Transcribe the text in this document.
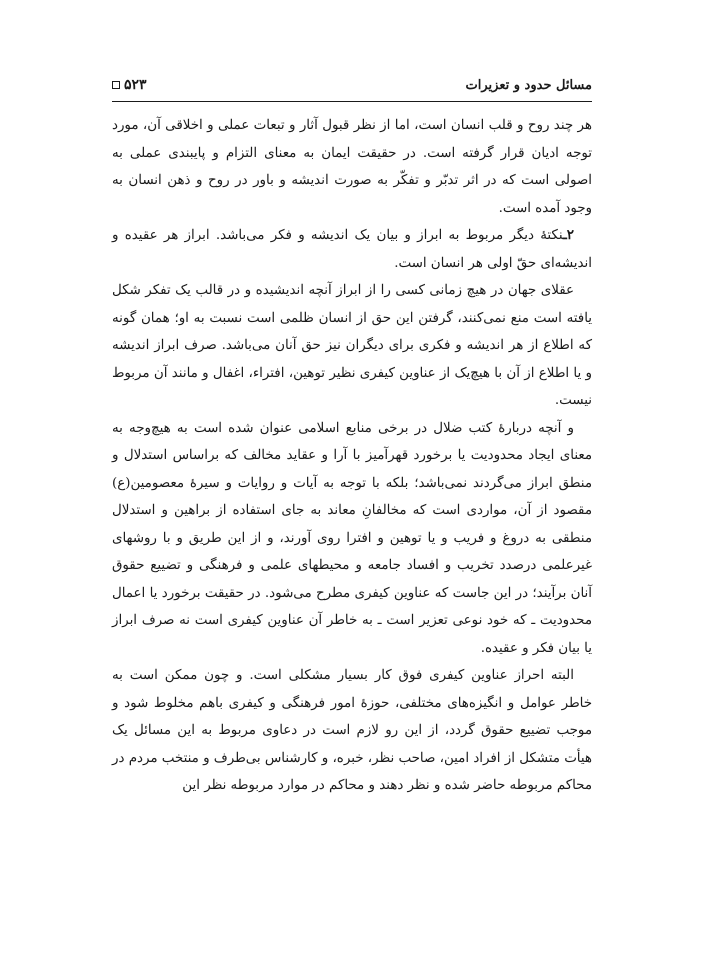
مسائل حدود و تعزیرات
۵۲۳

هر چند روح و قلب انسان است، اما از نظر قبول آثار و تبعات عملی و اخلاقی آن، مورد توجه ادیان قرار گرفته است. در حقیقت ایمان به معنای التزام و پایبندی عملی به اصولی است که در اثر تدبّر و تفکّر به صورت اندیشه و باور در روح و ذهن انسان به وجود آمده است.

۲ـنکتهٔ دیگر مربوط به ابراز و بیان یک اندیشه و فکر می‌باشد. ابراز هر عقیده و اندیشه‌ای حقّ اولی هر انسان است.

عقلای جهان در هیچ زمانی کسی را از ابراز آنچه اندیشیده و در قالب یک تفکر شکل یافته است منع نمی‌کنند، گرفتن این حق از انسان ظلمی است نسبت به او؛ همان گونه که اطلاع از هر اندیشه و فکری برای دیگران نیز حق آنان می‌باشد. صرف ابراز اندیشه و یا اطلاع از آن با هیچ‌یک از عناوین کیفری نظیر توهین، افتراء، اغفال و مانند آن مربوط نیست.

و آنچه دربارهٔ کتب ضلال در برخی منابع اسلامی عنوان شده است به هیچ‌وجه به معنای ایجاد محدودیت یا برخورد قهرآمیز با آرا و عقاید مخالف که براساس استدلال و منطق ابراز می‌گردند نمی‌باشد؛ بلکه با توجه به آیات و روایات و سیرهٔ معصومین(ع) مقصود از آن، مواردی است که مخالفانِ معاند به جای استفاده از براهین و استدلال منطقی به دروغ و فریب و یا توهین و افترا روی آورند، و از این طریق و با روشهای غیرعلمی درصدد تخریب و افساد جامعه و محیطهای علمی و فرهنگی و تضییع حقوق آنان برآیند؛ در این جاست که عناوین کیفری مطرح می‌شود. در حقیقت برخورد یا اعمال محدودیت ـ که خود نوعی تعزیر است ـ به خاطر آن عناوین کیفری است نه صرف ابراز یا بیان فکر و عقیده.

البته احراز عناوین کیفری فوق کار بسیار مشکلی است. و چون ممکن است به خاطر عوامل و انگیزه‌های مختلفی، حوزهٔ امور فرهنگی و کیفری باهم مخلوط شود و موجب تضییع حقوق گردد، از این رو لازم است در دعاوی مربوط به این مسائل یک هیأت متشکل از افراد امین، صاحب نظر، خبره، و کارشناس بی‌طرف و منتخب مردم در محاکم مربوطه حاضر شده و نظر دهند و محاکم در موارد مربوطه نظر این
